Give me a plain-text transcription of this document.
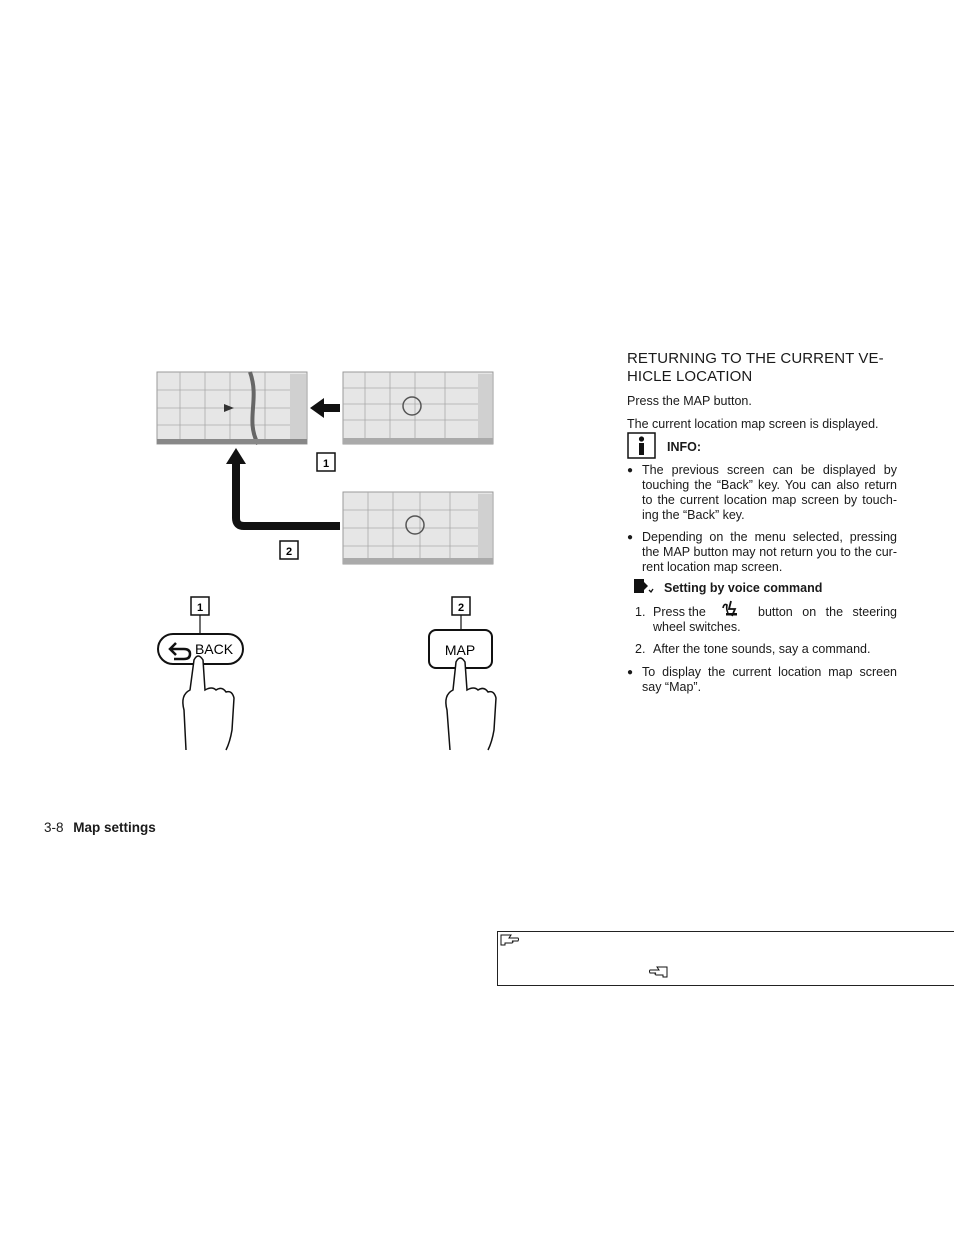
1
2
1
BACK
2
MAP
RETURNING TO THE CURRENT VE-
HICLE LOCATION

Press the MAP button.

The current location map screen is displayed.

INFO:
● The previous screen can be displayed by touching the “Back” key. You can also return to the current location map screen by touch- ing the “Back” key.
● Depending on the menu selected, pressing the MAP button may not return you to the cur- rent location map screen.
Setting by voice command
1. Press the	button on the steering wheel switches.
2. After the tone sounds, say a command.
● To display the current location map screen say “Map”.
3-8 Map settings
